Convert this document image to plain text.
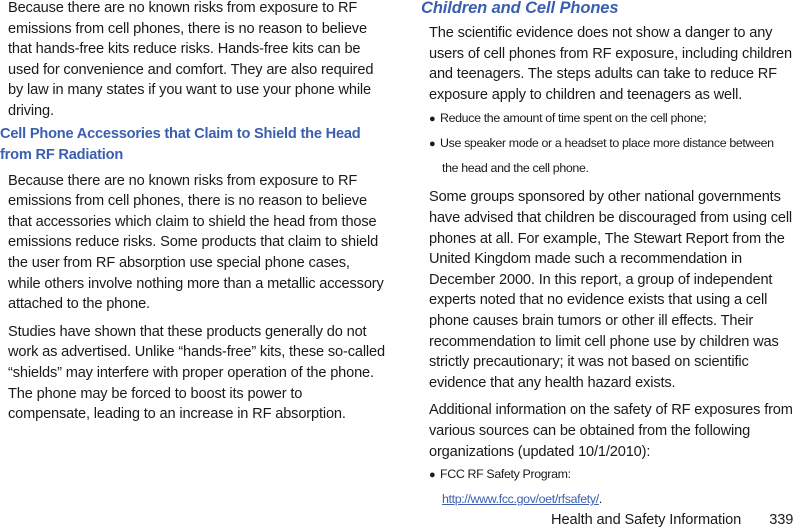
Because there are no known risks from exposure to RF emissions from cell phones, there is no reason to believe that hands-free kits reduce risks. Hands-free kits can be used for convenience and comfort. They are also required by law in many states if you want to use your phone while driving.

Cell Phone Accessories that Claim to Shield the Head from RF Radiation

Because there are no known risks from exposure to RF emissions from cell phones, there is no reason to believe that accessories which claim to shield the head from those emissions reduce risks. Some products that claim to shield the user from RF absorption use special phone cases, while others involve nothing more than a metallic accessory attached to the phone.

Studies have shown that these products generally do not work as advertised. Unlike “hands-free” kits, these so-called “shields” may interfere with proper operation of the phone. The phone may be forced to boost its power to compensate, leading to an increase in RF absorption.

Children and Cell Phones

The scientific evidence does not show a danger to any users of cell phones from RF exposure, including children and teenagers. The steps adults can take to reduce RF exposure apply to children and teenagers as well.

● Reduce the amount of time spent on the cell phone;

● Use speaker mode or a headset to place more distance between
the head and the cell phone.

Some groups sponsored by other national governments have advised that children be discouraged from using cell phones at all. For example, The Stewart Report from the United Kingdom made such a recommendation in December 2000. In this report, a group of independent experts noted that no evidence exists that using a cell phone causes brain tumors or other ill effects. Their recommendation to limit cell phone use by children was strictly precautionary; it was not based on scientific evidence that any health hazard exists.

Additional information on the safety of RF exposures from various sources can be obtained from the following organizations (updated 10/1/2010):

● FCC RF Safety Program:
http://www.fcc.gov/oet/rfsafety/.

Health and Safety Information 339
